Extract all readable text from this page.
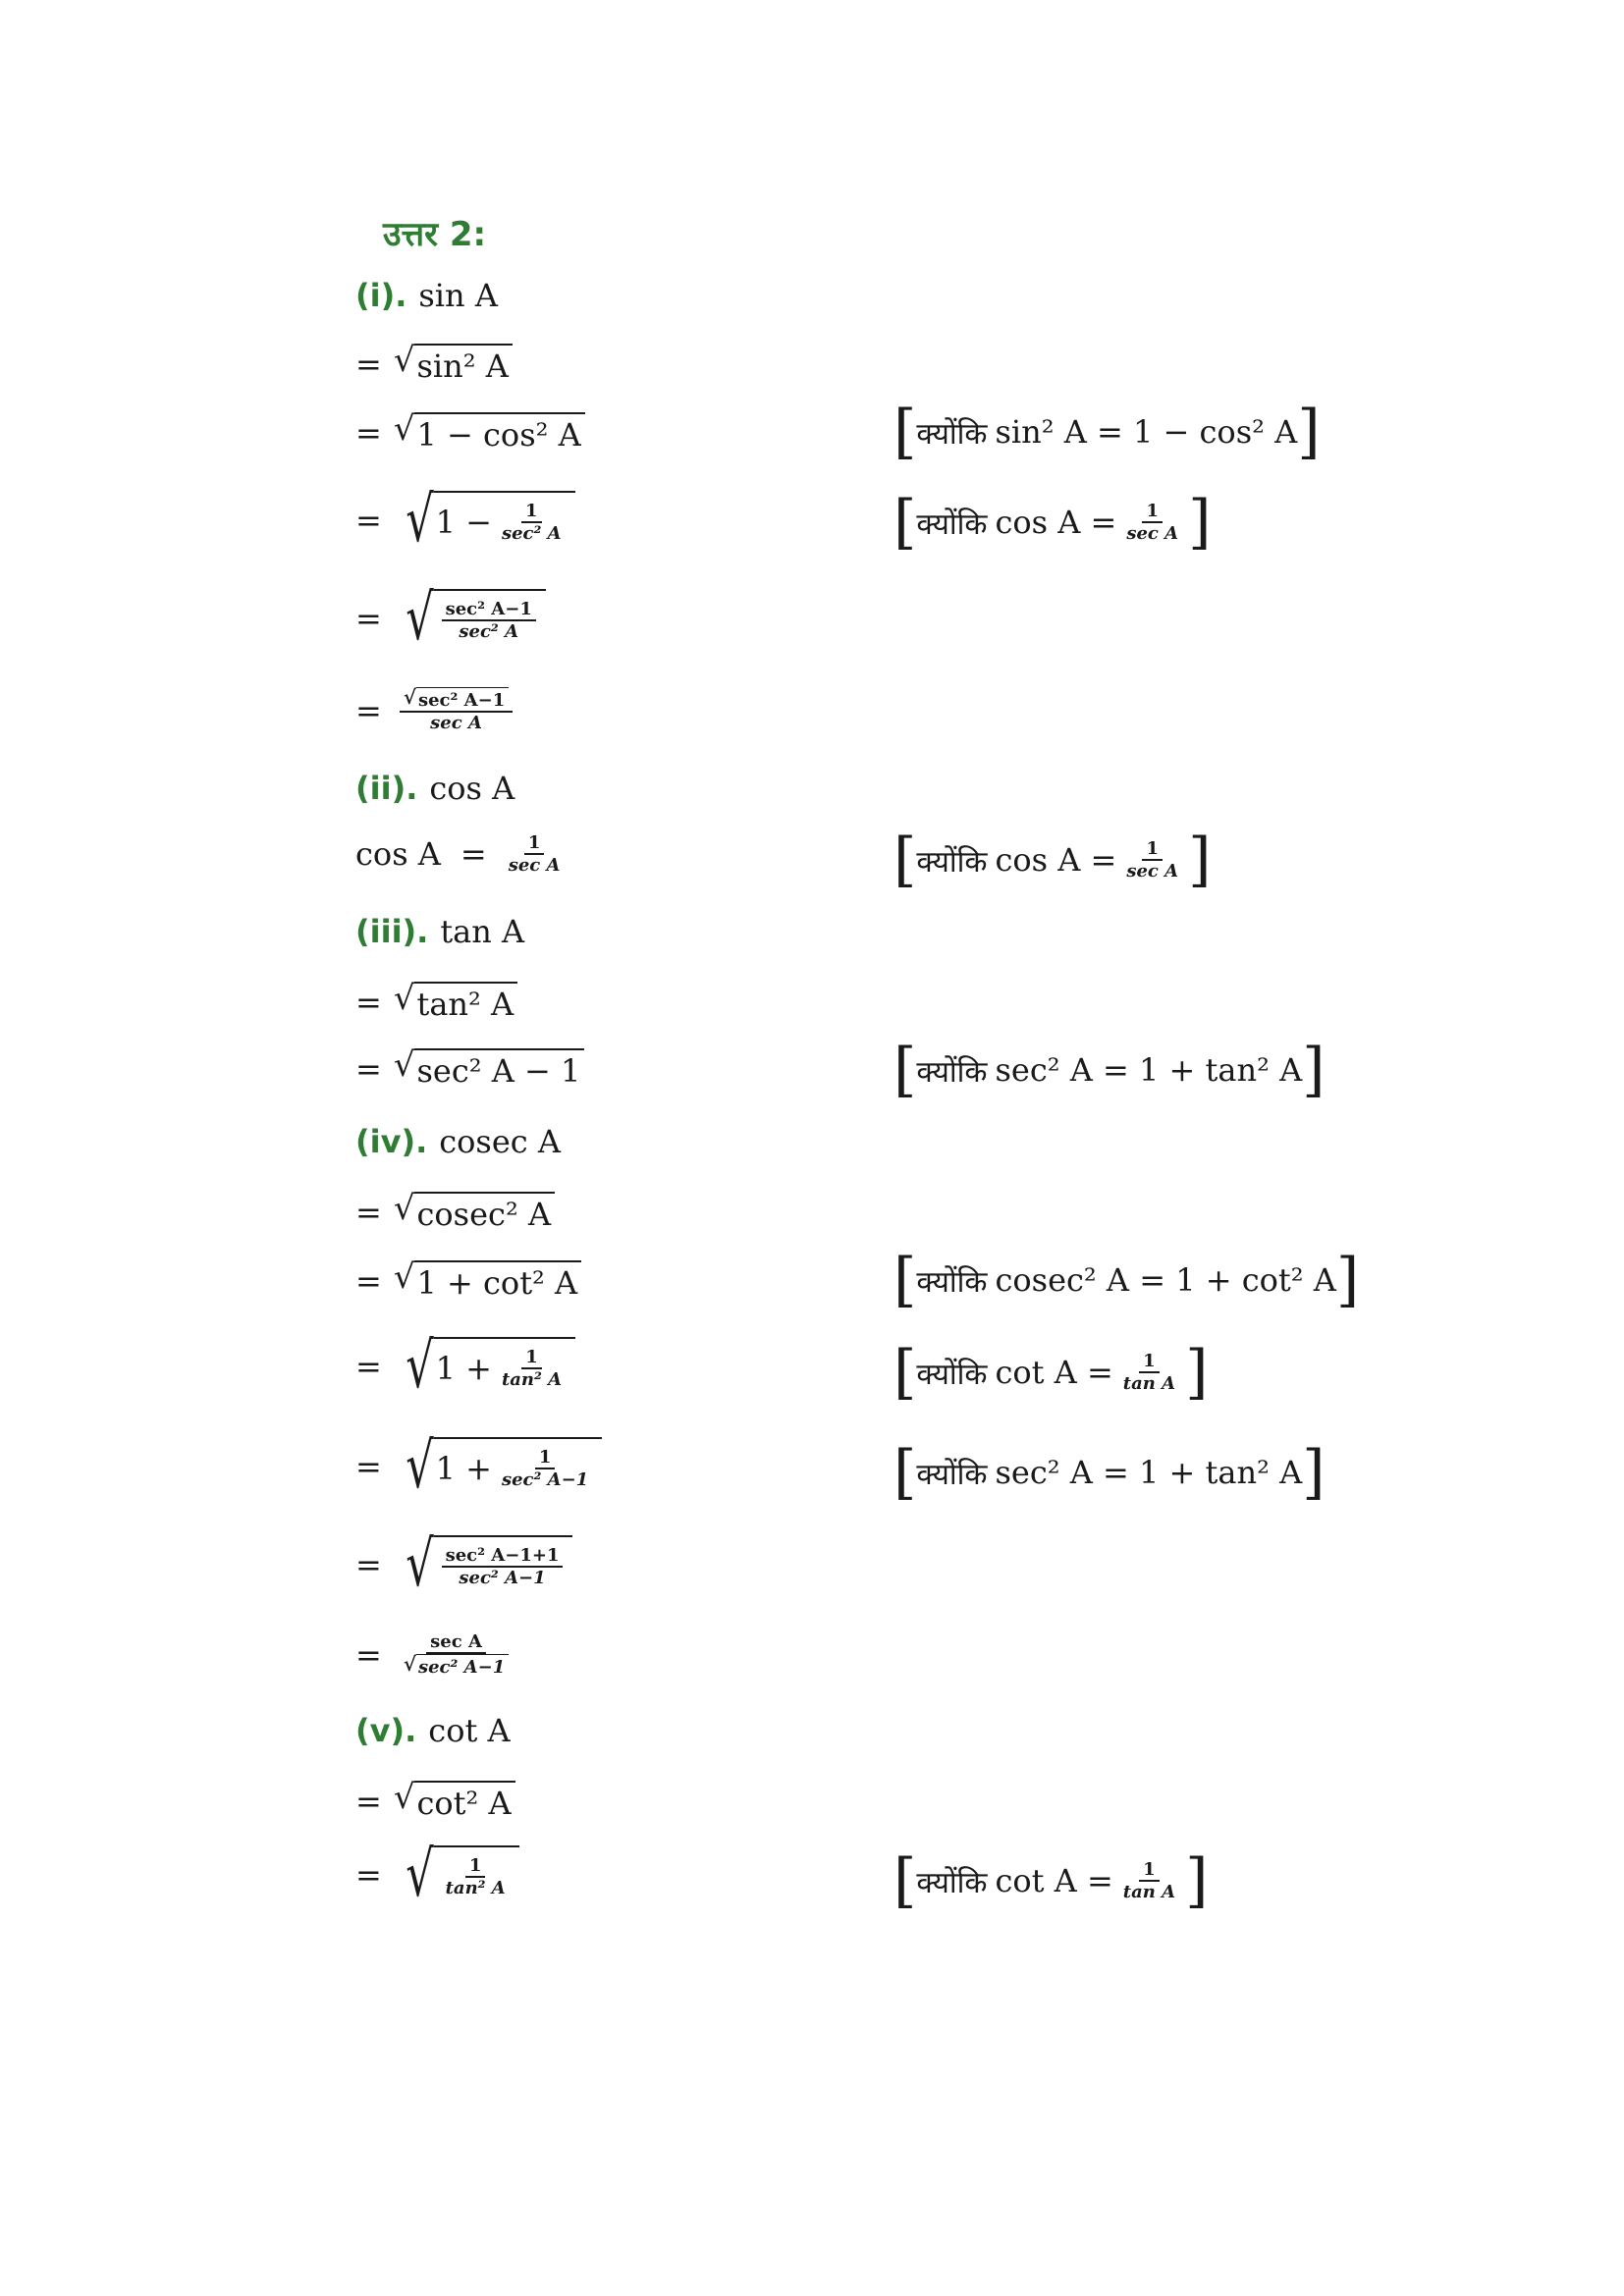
उत्तर 2:
(i). sin A
= √ sin² A
= √ 1 − cos² A	[ क्योंकि sin² A = 1 − cos² A ]
= √ $1 - \frac{1}{\text{sec² A}}$	[ क्योंकि $\cos A = \frac{1}{\text{sec A}}$ ]
= √ $\frac{\text{sec² A−1}}{\text{sec² A}}$
= $\frac{\text{√ sec² A−1}}{\text{sec A}}$
(ii). cos A
$\cos A = \frac{1}{\text{sec A}}$	[ क्योंकि $\cos A = \frac{1}{\text{sec A}}$ ]
(iii). tan A
= √ tan² A
= √ sec² A − 1	[ क्योंकि sec² A = 1 + tan² A ]
(iv). cosec A
= √ cosec² A
= √ 1 + cot² A	[ क्योंकि cosec² A = 1 + cot² A ]
= √ $1 + \frac{1}{\text{tan² A}}$	[ क्योंकि $\cot A = \frac{1}{\text{tan A}}$ ]
= √ $1 + \frac{1}{\text{sec² A−1}}$	[ क्योंकि sec² A = 1 + tan² A ]
= √ $\frac{\text{sec² A−1+1}}{\text{sec² A−1}}$
= $\frac{\text{sec A}}{\text{√ sec² A−1}}$
(v). cot A
= √ cot² A
= √ $\frac{1}{\text{tan² A}}$	[ क्योंकि $\cot A = \frac{1}{\text{tan A}}$ ]
